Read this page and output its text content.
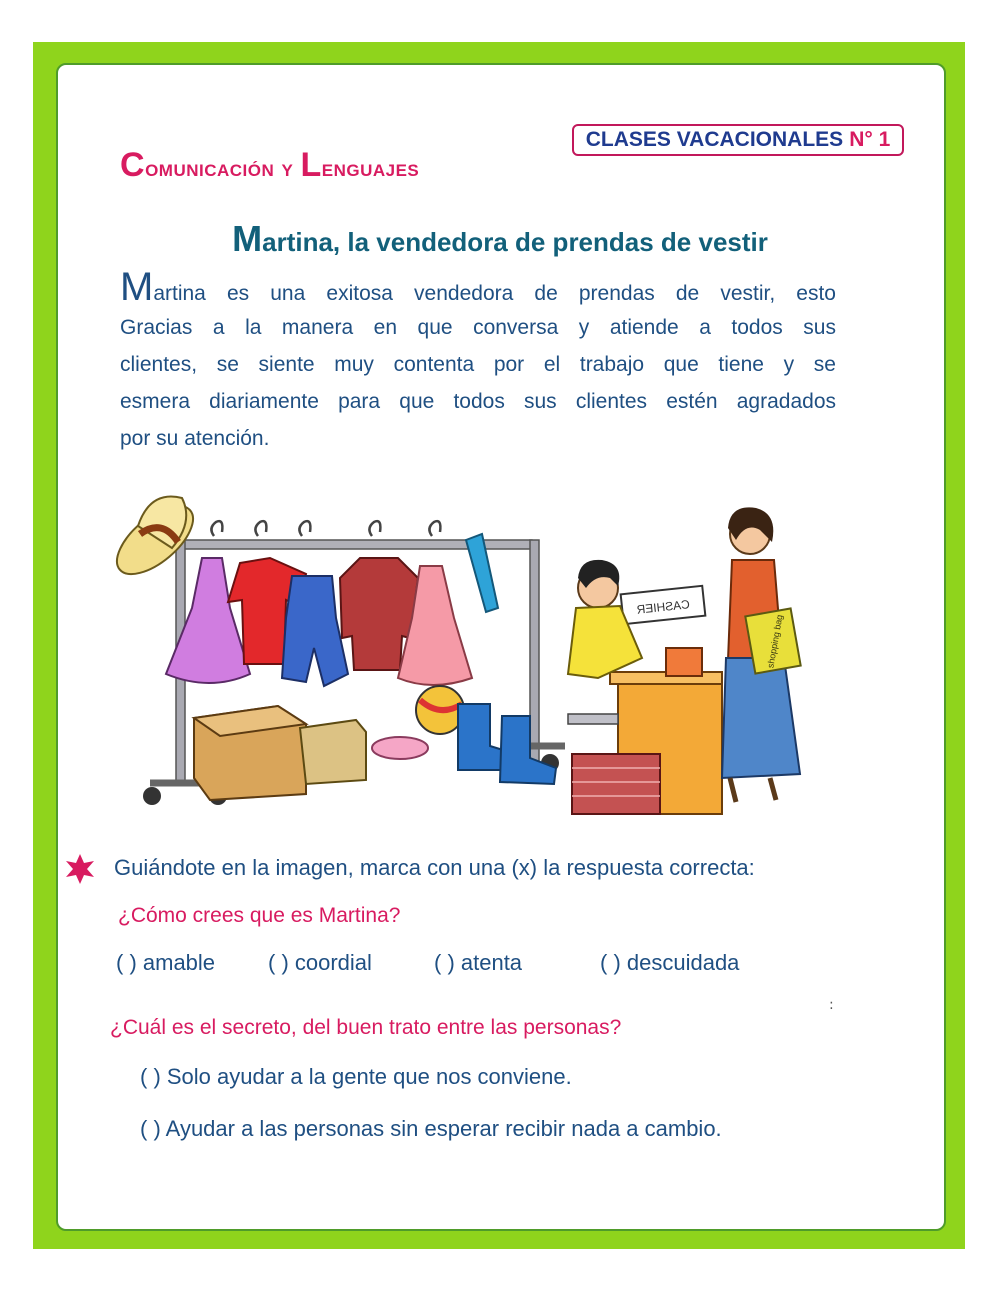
CLASES VACACIONALES N° 1
Comunicación y Lenguajes
Martina, la vendedora de prendas de vestir
Martina es una exitosa vendedora de prendas de vestir, esto
Gracias a la manera en que conversa y atiende a todos sus
clientes, se siente muy contenta por el trabajo que tiene y se
esmera diariamente para que todos sus clientes estén agradados
por su atención.
CASHIER
shopping bag
Guiándote en la imagen, marca con una (x) la respuesta correcta:
¿Cómo crees que es Martina?
( ) amable ( ) coordial	( ) atenta	( ) descuidada
:
¿Cuál es el secreto, del buen trato entre las personas?
( ) Solo ayudar a la gente que nos conviene.
( ) Ayudar a las personas sin esperar recibir nada a cambio.
